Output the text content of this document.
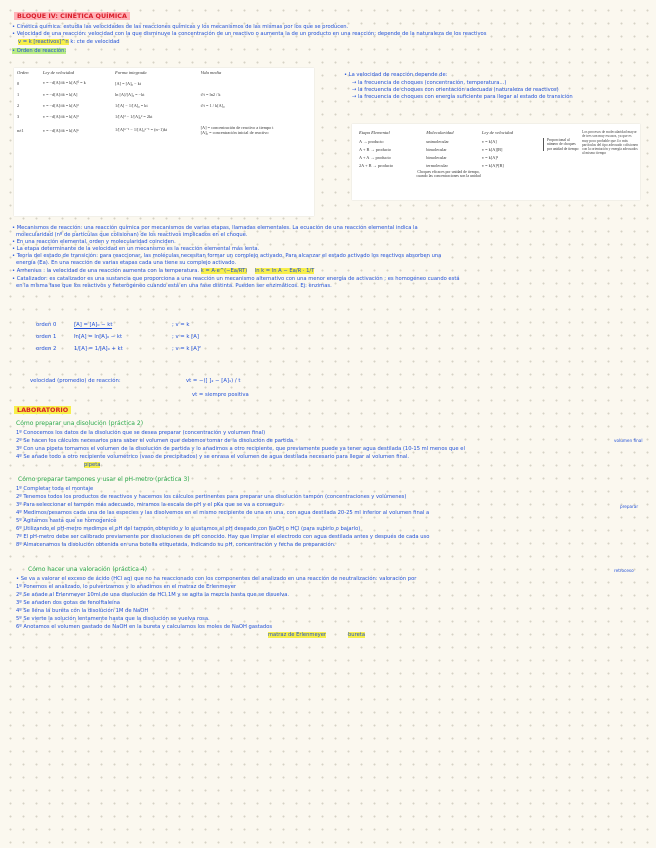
BLOQUE IV: CINÉTICA QUÍMICA
• Cinética química: estudia las velocidades de las reacciones químicas y los mecanismos de las mismas por los que se producen.
• Velocidad de una reacción: velocidad con la que disminuye la concentración de un reactivo o aumenta la de un producto en una reacción; depende de la naturaleza de los reactivos
v = k [reactivos]^n k: cte de velocidad
• Orden de reacción:
Orden	Ley de velocidad	Forma integrada	Vida media
0	v = −d[A]/dt = k[A]⁰ = k	[A] = [A]₀ − kt	
1	v = −d[A]/dt = k[A]	ln [A]/[A]₀ = −kt	t½ = ln2 / k
2	v = −d[A]/dt = k[A]²	1/[A] − 1/[A]₀ = kt	t½ = 1 / k[A]₀
3	v = −d[A]/dt = k[A]³	1/[A]² − 1/[A]₀² = 2kt	
n≠1	v = −d[A]/dt = k[A]ⁿ	1/[A]ⁿ⁻¹ − 1/[A]₀ⁿ⁻¹ = (n−1)kt	[A] = concentración de reactivo a tiempo t
[A]₀ = concentración inicial de reactivo
• La velocidad de reacción depende de:
→ la frecuencia de choques (concentración, temperatura...)
→ la frecuencia de choques con orientación adecuada (naturaleza de reactivos)
→ la frecuencia de choques con energía suficiente para llegar al estado de transición
Etapa Elemental	Molecularidad	Ley de velocidad
A → producto	unimolecular	v = k[A]
A + B → producto	bimolecular	v = k[A][B]
A + A → producto	bimolecular	v = k[A]²
2A + B → producto	termolecular	v = k[A]²[B]
Choques eficaces por unidad de tiempo,
cuando las concentraciones son la unidad
Proporcional al número de choques por unidad de tiempo
Los procesos de molecularidad mayor de tres son muy escasos, ya que es muy poco probable que 4 o más partículas del tipo adecuado colisionen con la orientación y energía adecuados al mismo tiempo
• Mecanismos de reacción: una reacción química por mecanismos de varias etapas, llamadas elementales. La ecuación de una reacción elemental indica la
molecularidad (nº de partículas que colisionan) de los reactivos implicados en el choque.
• En una reacción elemental, orden y molecularidad coinciden.
• La etapa determinante de la velocidad en un mecanismo es la reacción elemental más lenta.
• Teoría del estado de transición: para reaccionar, las moléculas necesitan formar un complejo activado. Para alcanzar el estado activado los reactivos absorben una
energía (Ea). En una reacción de varias etapas cada una tiene su complejo activado.
• Arrhenius : la velocidad de una reacción aumenta con la temperatura. k = A·e^(−Ea/RT) ln k = ln A − Ea/R · 1/T
• Catalizador: es catalizador es una sustancia que proporciona a una reacción un mecanismo alternativo con una menor energía de activación ; es homogéneo cuando está
en la misma fase que los reactivos y heterogéneo cuando está en una fase distinta. Pueden ser enzimáticos. Ej: enzimas.
orden 0	[A] = [A]₀ − kt	; v = k
orden 1	ln[A] = ln[A]₀ − kt	; v = k [A]
orden 2	1/[A] = 1/[A]₀ + kt	; v = k [A]²
velocidad (promedio) de reacción:	vt = −([ ]₂ − [A]₁) / t
vt = siempre positiva
LABORATORIO
Cómo preparar una disolución (práctica 2)
1º Conocemos los datos de la disolución que se desea preparar (concentración y volumen final)
2º Se hacen los cálculos necesarios para saber el volumen que debemos tomar de la disolución de partida.
3º Con una pipeta tomamos el volumen de la disolución de partida y lo añadimos a otro recipiente, que previamente puede ya tener agua destilada (10-15 ml menos que el
4º Se añade todo a otro recipiente volumétrico (vaso de precipitados) y se enrasa el volumen de agua destilada necesario para llegar al volumen final.
volumen final
pipeta
Cómo preparar tampones y usar el pH-metro (práctica 3)
1º Completar toda el montaje
2º Tenemos todos los productos de reactivos y hacemos los cálculos pertinentes para preparar una disolución tampón (concentraciones y volúmenes)
3º Para seleccionar el tampón más adecuado, miramos la escala de pH y el pKa que se va a conseguir.
4º Medimos/pesamos cada una de las especies y las disolvemos en el mismo recipiente de una en una, con agua destilada 20-25 ml inferior al volumen final a
5º Agitamos hasta que se homogenice
6º Utilizando el pH-metro medimos el pH del tampón obtenido y lo ajustamos al pH deseado con NaOH o HCl (para subirlo o bajarlo)
7º El pH-metro debe ser calibrado previamente por disoluciones de pH conocido. Hay que limpiar el electrodo con agua destilada antes y después de cada uso
8º Almacenamos la disolución obtenida en una botella etiquetada, indicando su pH, concentración y fecha de preparación.
preparar
Cómo hacer una valoración (práctica 4)
• Se va a valorar el exceso de ácido (HCl aq) que no ha reaccionado con los componentes del analizado en una reacción de neutralización: valoración por
1º Ponemos el analizado, lo pulverizamos y lo añadimos en el matraz de Erlenmeyer
2º Se añade al Erlenmeyer 10ml de una disolución de HCl 1M y se agita la mezcla hasta que se disuelva.
3º Se añaden dos gotas de fenolftaleína
4º Se llena la bureta con la disolución 1M de NaOH
5º Se vierte la solución lentamente hasta que la disolución se vuelva rosa.
6º Anotamos el volumen gastado de NaOH en la bureta y calculamos los moles de NaOH gastados
retroceso
matraz de Erlenmeyer	bureta
